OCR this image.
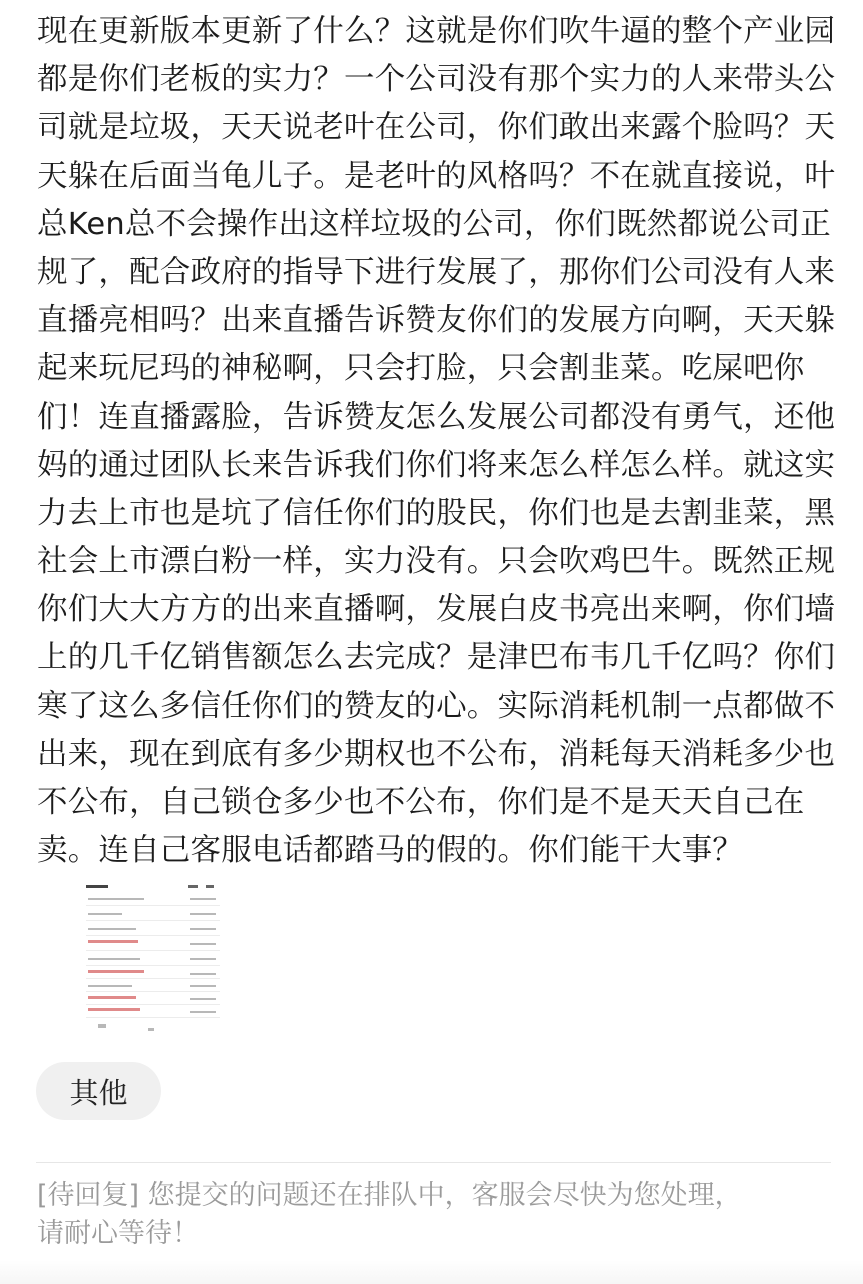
现在更新版本更新了什么？这就是你们吹牛逼的整个产业园
都是你们老板的实力？一个公司没有那个实力的人来带头公
司就是垃圾，天天说老叶在公司，你们敢出来露个脸吗？天
天躲在后面当龟儿子。是老叶的风格吗？不在就直接说，叶
总Ken总不会操作出这样垃圾的公司，你们既然都说公司正
规了，配合政府的指导下进行发展了，那你们公司没有人来
直播亮相吗？出来直播告诉赞友你们的发展方向啊，天天躲
起来玩尼玛的神秘啊，只会打脸，只会割韭菜。吃屎吧你
们！连直播露脸，告诉赞友怎么发展公司都没有勇气，还他
妈的通过团队长来告诉我们你们将来怎么样怎么样。就这实
力去上市也是坑了信任你们的股民，你们也是去割韭菜，黑
社会上市漂白粉一样，实力没有。只会吹鸡巴牛。既然正规
你们大大方方的出来直播啊，发展白皮书亮出来啊，你们墙
上的几千亿销售额怎么去完成？是津巴布韦几千亿吗？你们
寒了这么多信任你们的赞友的心。实际消耗机制一点都做不
出来，现在到底有多少期权也不公布，消耗每天消耗多少也
不公布，自己锁仓多少也不公布，你们是不是天天自己在
卖。连自己客服电话都踏马的假的。你们能干大事？
其他
[待回复] 您提交的问题还在排队中，客服会尽快为您处理，
请耐心等待！
